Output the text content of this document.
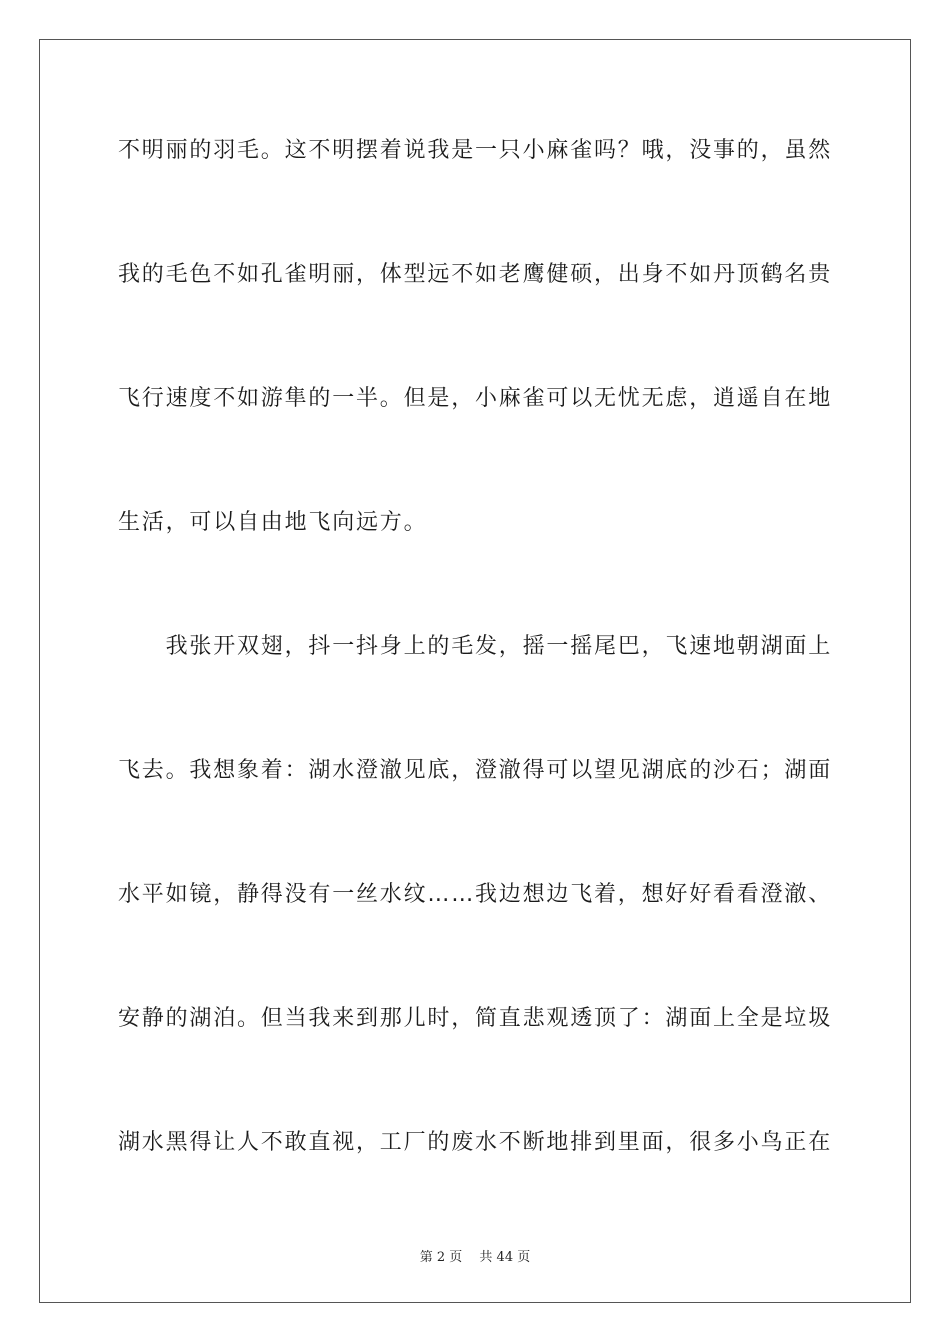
不明丽的羽毛。这不明摆着说我是一只小麻雀吗？哦，没事的，虽然
我的毛色不如孔雀明丽，体型远不如老鹰健硕，出身不如丹顶鹤名贵
飞行速度不如游隼的一半。但是，小麻雀可以无忧无虑，逍遥自在地
生活，可以自由地飞向远方。
　　我张开双翅，抖一抖身上的毛发，摇一摇尾巴，飞速地朝湖面上
飞去。我想象着：湖水澄澈见底，澄澈得可以望见湖底的沙石；湖面
水平如镜，静得没有一丝水纹……我边想边飞着，想好好看看澄澈、
安静的湖泊。但当我来到那儿时，简直悲观透顶了：湖面上全是垃圾
湖水黑得让人不敢直视，工厂的废水不断地排到里面，很多小鸟正在
第 2 页　 共 44 页
